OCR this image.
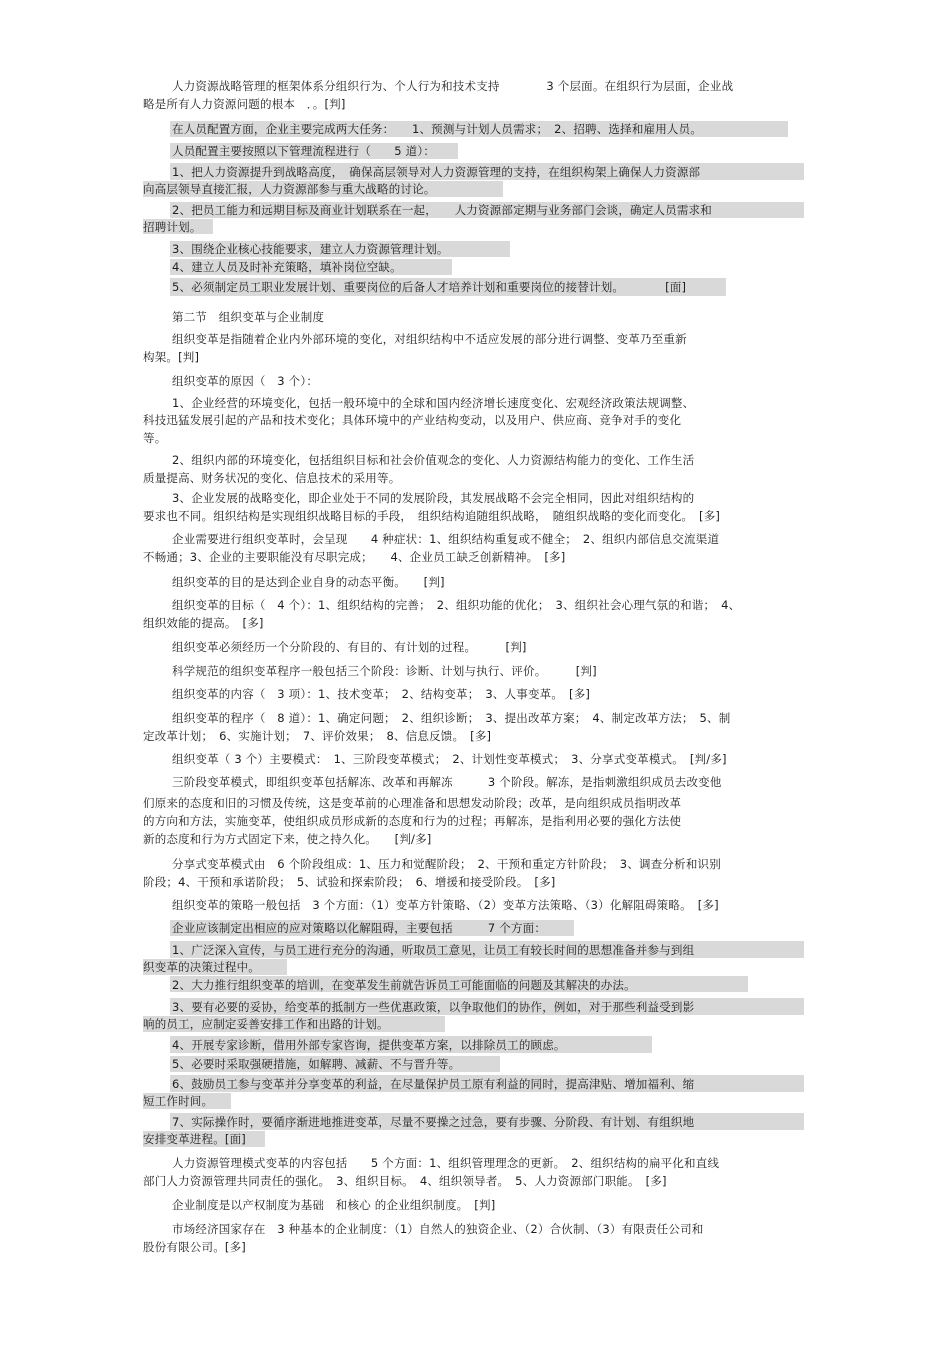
人力资源战略管理的框架体系分组织行为、个人行为和技术支持　　　　3 个层面。在组织行为层面，企业战
略是所有人力资源问题的根本　．。[判]
在人员配置方面，企业主要完成两大任务：　　1、预测与计划人员需求；　2、招聘、选择和雇用人员。
人员配置主要按照以下管理流程进行（　　5 道）：
1、把人力资源提升到战略高度，　确保高层领导对人力资源管理的支持，在组织构架上确保人力资源部
向高层领导直接汇报，人力资源部参与重大战略的讨论。
2、把员工能力和远期目标及商业计划联系在一起，　　人力资源部定期与业务部门会谈，确定人员需求和
招聘计划。
3、围绕企业核心技能要求，建立人力资源管理计划。
4、建立人员及时补充策略，填补岗位空缺。
5、必须制定员工职业发展计划、重要岗位的后备人才培养计划和重要岗位的接替计划。　　　　[面]
第二节　组织变革与企业制度
组织变革是指随着企业内外部环境的变化，对组织结构中不适应发展的部分进行调整、变革乃至重新
构架。[判]
组织变革的原因（　3 个）：
1、企业经营的环境变化，包括一般环境中的全球和国内经济增长速度变化、宏观经济政策法规调整、
科技迅猛发展引起的产品和技术变化；具体环境中的产业结构变动，以及用户、供应商、竞争对手的变化
等。
2、组织内部的环境变化，包括组织目标和社会价值观念的变化、人力资源结构能力的变化、工作生活
质量提高、财务状况的变化、信息技术的采用等。
3、企业发展的战略变化，即企业处于不同的发展阶段，其发展战略不会完全相同，因此对组织结构的
要求也不同。组织结构是实现组织战略目标的手段，　组织结构追随组织战略，　随组织战略的变化而变化。　[多]
企业需要进行组织变革时，会呈现　　4 种症状：1、组织结构重复或不健全；　2、组织内部信息交流渠道
不畅通；3、企业的主要职能没有尽职完成；　　4、企业员工缺乏创新精神。　[多]
组织变革的目的是达到企业自身的动态平衡。　　[判]
组织变革的目标（　4 个）：1、组织结构的完善；　2、组织功能的优化；　3、组织社会心理气氛的和谐；　4、
组织效能的提高。　[多]
组织变革必须经历一个分阶段的、有目的、有计划的过程。　　　[判]
科学规范的组织变革程序一般包括三个阶段：诊断、计划与执行、评价。　　　[判]
组织变革的内容（　3 项）：1、技术变革；　2、结构变革；　3、人事变革。　[多]
组织变革的程序（　8 道）：1、确定问题；　2、组织诊断；　3、提出改革方案；　4、制定改革方法；　5、制
定改革计划；　6、实施计划；　7、评价效果；　8、信息反馈。　[多]
组织变革（ 3 个）主要模式：　1、三阶段变革模式；　2、计划性变革模式；　3、分享式变革模式。　[判/多]
三阶段变革模式，即组织变革包括解冻、改革和再解冻　　　3 个阶段。解冻，是指刺激组织成员去改变他
们原来的态度和旧的习惯及传统，这是变革前的心理准备和思想发动阶段；改革，是向组织成员指明改革
的方向和方法，实施变革，使组织成员形成新的态度和行为的过程；再解冻，是指利用必要的强化方法使
新的态度和行为方式固定下来，使之持久化。　　[判/多]
分享式变革模式由　6 个阶段组成：1、压力和觉醒阶段；　2、干预和重定方针阶段；　3、调查分析和识别
阶段；4、干预和承诺阶段；　5、试验和探索阶段；　6、增援和接受阶段。　[多]
组织变革的策略一般包括　3 个方面：（1）变革方针策略、（2）变革方法策略、（3）化解阻碍策略。　[多]
企业应该制定出相应的应对策略以化解阻碍，主要包括　　　7 个方面：
1、广泛深入宣传，与员工进行充分的沟通，听取员工意见，让员工有较长时间的思想准备并参与到组
织变革的决策过程中。
2、大力推行组织变革的培训，在变革发生前就告诉员工可能面临的问题及其解决的办法。
3、要有必要的妥协，给变革的抵制方一些优惠政策，以争取他们的协作，例如，对于那些利益受到影
响的员工，应制定妥善安排工作和出路的计划。
4、开展专家诊断，借用外部专家咨询，提供变革方案，以排除员工的顾虑。
5、必要时采取强硬措施，如解聘、减薪、不与晋升等。
6、鼓励员工参与变革并分享变革的利益，在尽量保护员工原有利益的同时，提高津贴、增加福利、缩
短工作时间。
7、实际操作时，要循序渐进地推进变革，尽量不要操之过急，要有步骤、分阶段、有计划、有组织地
安排变革进程。[面]
人力资源管理模式变革的内容包括　　5 个方面：1、组织管理理念的更新。　2、组织结构的扁平化和直线
部门人力资源管理共同责任的强化。　3、组织目标。　4、组织领导者。　5、人力资源部门职能。　[多]
企业制度是以产权制度为基础　和核心 的企业组织制度。　[判]
市场经济国家存在　3 种基本的企业制度：（1）自然人的独资企业、（2）合伙制、（3）有限责任公司和
股份有限公司。[多]
